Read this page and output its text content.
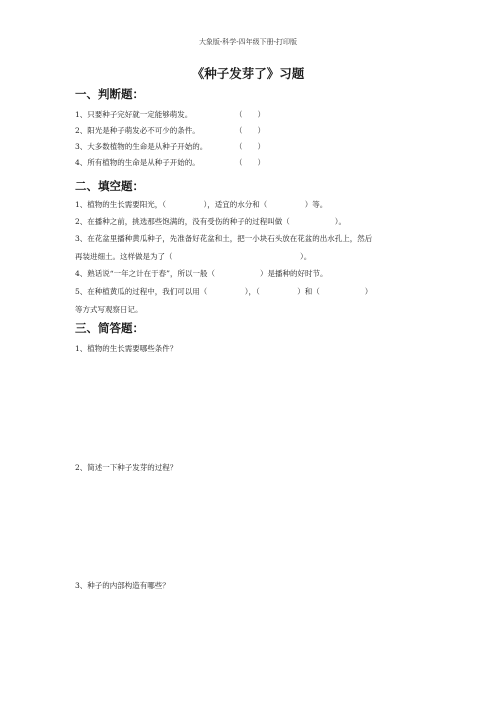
大象版-科学-四年级下册-打印版
《种子发芽了》习题
一、判断题：
1、只要种子完好就一定能够萌发。	（　　）
2、阳光是种子萌发必不可少的条件。	（　　）
3、大多数植物的生命是从种子开始的。	（　　）
4、所有植物的生命是从种子开始的。	（　　）
二、填空题：
1、植物的生长需要阳光，（　　　　　），适宜的水分和（　　　　　）等。
2、在播种之前，挑选那些饱满的，没有受伤的种子的过程叫做（　　　　　　）。
3、在花盆里播种黄瓜种子，先准备好花盆和土，把一小块石头放在花盆的出水孔上，然后
再装进细土。这样做是为了（　　　　　　　　　　　　　　　　　）。
4、熟话说“一年之计在于春”，所以一般（　　　　　　）是播种的好时节。
5、在种植黄瓜的过程中，我们可以用（　　　　　），（　　　　　）和（　　　　　　）
等方式写观察日记。
三、简答题：
1、植物的生长需要哪些条件？
2、简述一下种子发芽的过程？
3、种子的内部构造有哪些？
